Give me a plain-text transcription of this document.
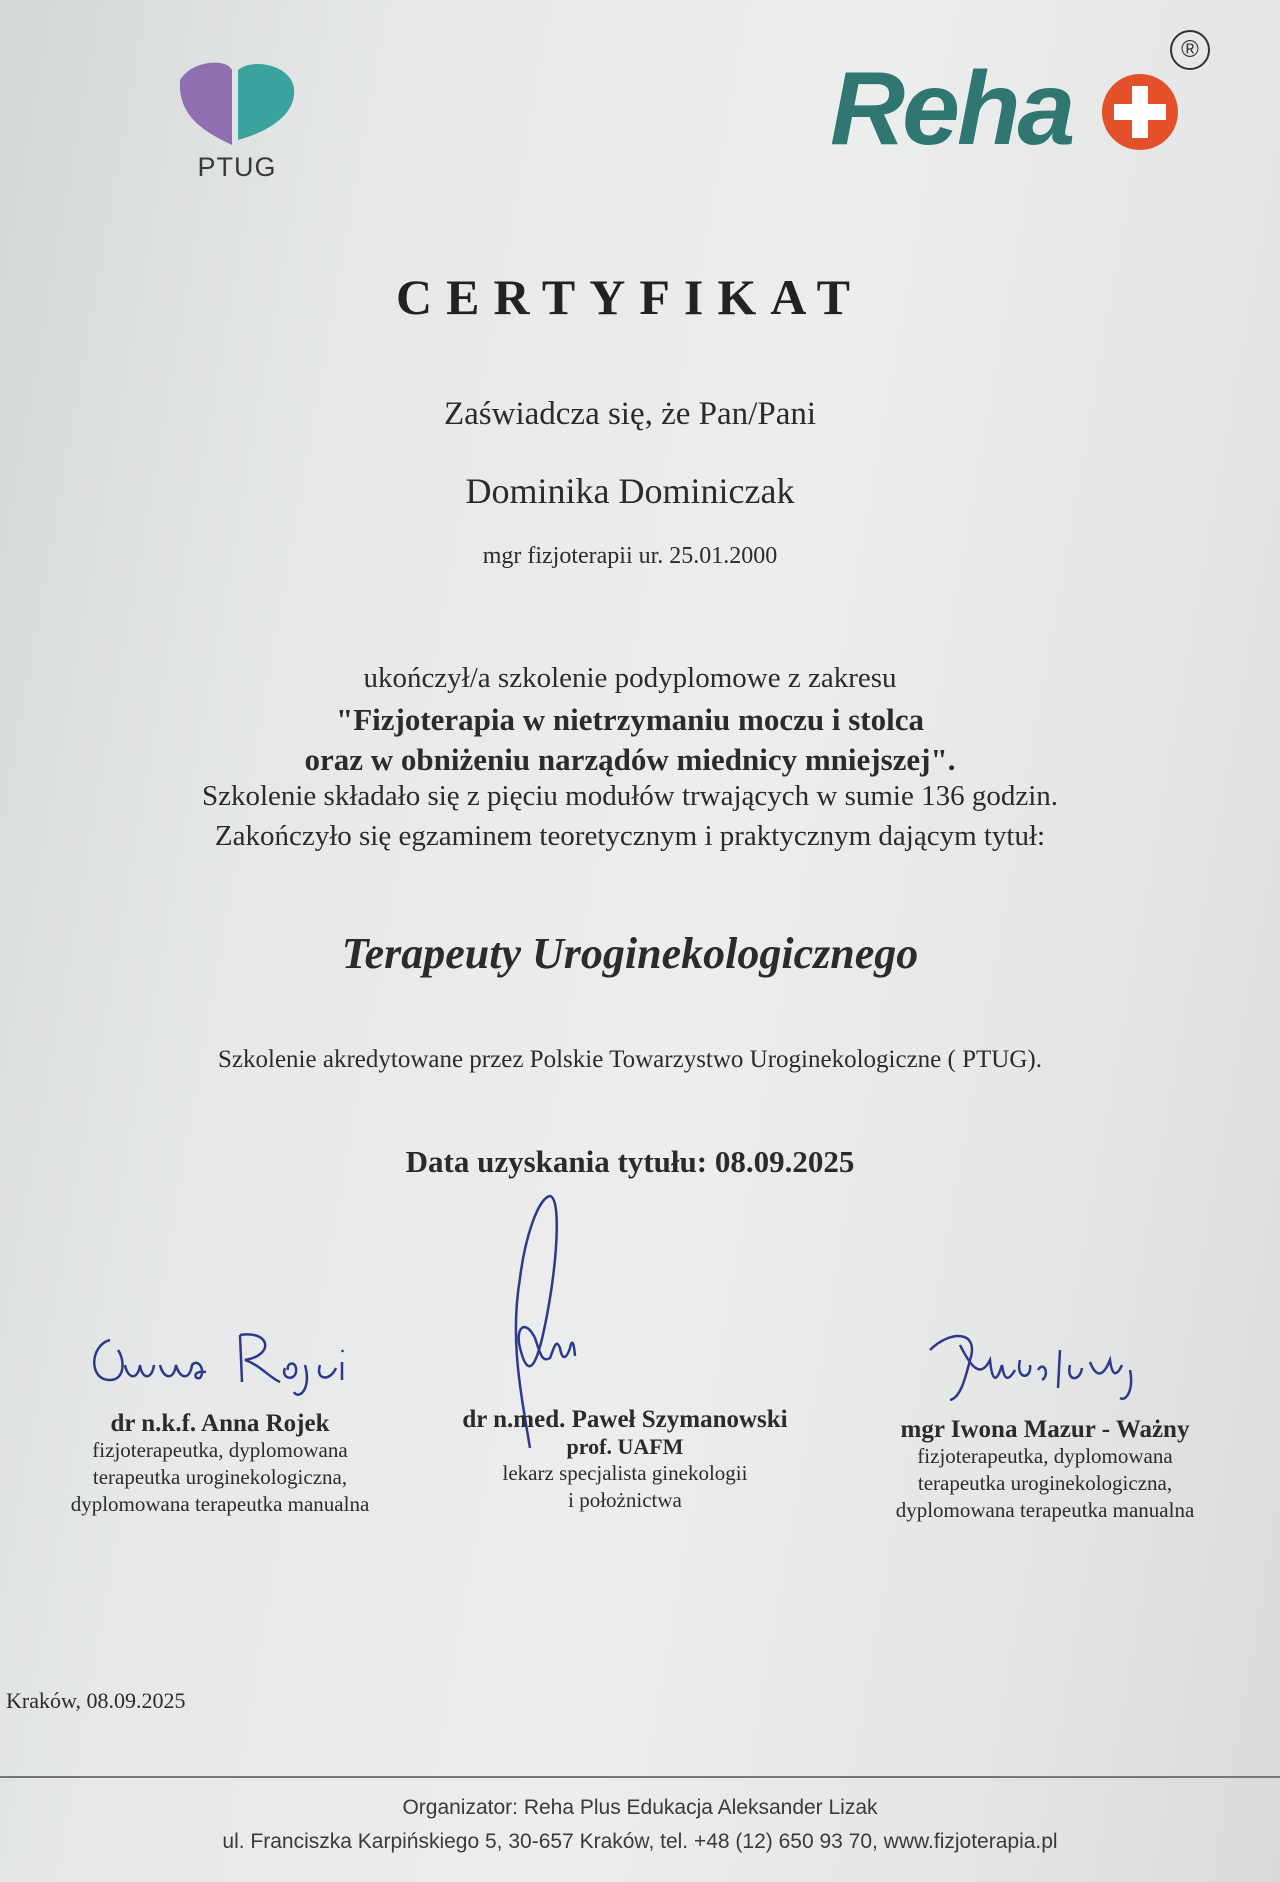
PTUG	Reha
®
CERTYFIKAT
Zaświadcza się, że Pan/Pani
Dominika Dominiczak
mgr fizjoterapii ur. 25.01.2000
ukończył/a szkolenie podyplomowe z zakresu
"Fizjoterapia w nietrzymaniu moczu i stolca
oraz w obniżeniu narządów miednicy mniejszej".
Szkolenie składało się z pięciu modułów trwających w sumie 136 godzin.
Zakończyło się egzaminem teoretycznym i praktycznym dającym tytuł:
Terapeuty Uroginekologicznego
Szkolenie akredytowane przez Polskie Towarzystwo Uroginekologiczne ( PTUG).
Data uzyskania tytułu: 08.09.2025
dr n.k.f. Anna Rojek
fizjoterapeutka, dyplomowana
terapeutka uroginekologiczna,
dyplomowana terapeutka manualna
dr n.med. Paweł Szymanowski
prof. UAFM
lekarz specjalista ginekologii
i położnictwa
mgr Iwona Mazur - Ważny
fizjoterapeutka, dyplomowana
terapeutka uroginekologiczna,
dyplomowana terapeutka manualna
Kraków, 08.09.2025
Organizator: Reha Plus Edukacja Aleksander Lizak
ul. Franciszka Karpińskiego 5, 30-657 Kraków, tel. +48 (12) 650 93 70, www.fizjoterapia.pl
